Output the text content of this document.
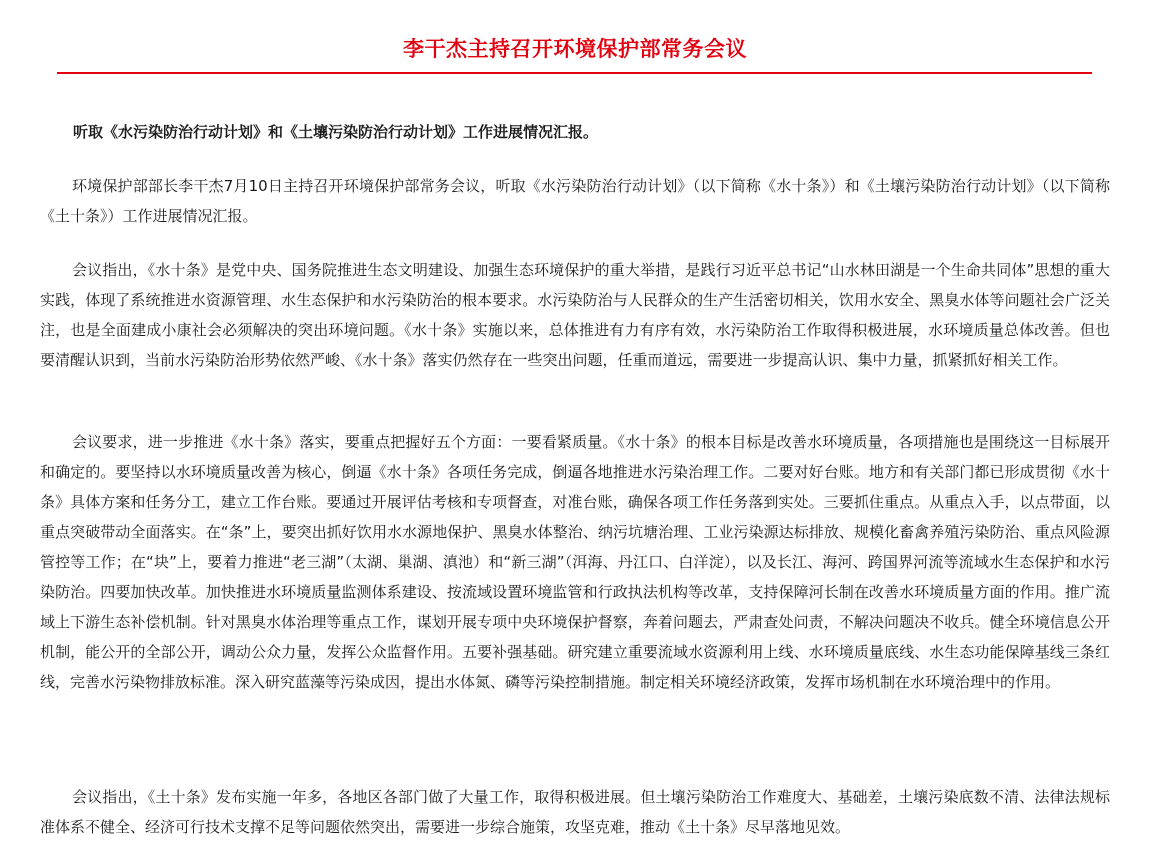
李干杰主持召开环境保护部常务会议
听取《水污染防治行动计划》和《土壤污染防治行动计划》工作进展情况汇报。

环境保护部部长李干杰7月10日主持召开环境保护部常务会议，听取《水污染防治行动计划》（以下简称《水十条》）和《土壤污染防治行动计划》（以下简称《土十条》）工作进展情况汇报。

会议指出，《水十条》是党中央、国务院推进生态文明建设、加强生态环境保护的重大举措，是践行习近平总书记“山水林田湖是一个生命共同体”思想的重大实践，体现了系统推进水资源管理、水生态保护和水污染防治的根本要求。水污染防治与人民群众的生产生活密切相关，饮用水安全、黑臭水体等问题社会广泛关注，也是全面建成小康社会必须解决的突出环境问题。《水十条》实施以来，总体推进有力有序有效，水污染防治工作取得积极进展，水环境质量总体改善。但也要清醒认识到，当前水污染防治形势依然严峻、《水十条》落实仍然存在一些突出问题，任重而道远，需要进一步提高认识、集中力量，抓紧抓好相关工作。

会议要求，进一步推进《水十条》落实，要重点把握好五个方面：一要看紧质量。《水十条》的根本目标是改善水环境质量，各项措施也是围绕这一目标展开和确定的。要坚持以水环境质量改善为核心，倒逼《水十条》各项任务完成，倒逼各地推进水污染治理工作。二要对好台账。地方和有关部门都已形成贯彻《水十条》具体方案和任务分工，建立工作台账。要通过开展评估考核和专项督查，对准台账，确保各项工作任务落到实处。三要抓住重点。从重点入手，以点带面，以重点突破带动全面落实。在“条”上，要突出抓好饮用水水源地保护、黑臭水体整治、纳污坑塘治理、工业污染源达标排放、规模化畜禽养殖污染防治、重点风险源管控等工作；在“块”上，要着力推进“老三湖”（太湖、巢湖、滇池）和“新三湖”（洱海、丹江口、白洋淀），以及长江、海河、跨国界河流等流域水生态保护和水污染防治。四要加快改革。加快推进水环境质量监测体系建设、按流域设置环境监管和行政执法机构等改革，支持保障河长制在改善水环境质量方面的作用。推广流域上下游生态补偿机制。针对黑臭水体治理等重点工作，谋划开展专项中央环境保护督察，奔着问题去，严肃查处问责，不解决问题决不收兵。健全环境信息公开机制，能公开的全部公开，调动公众力量，发挥公众监督作用。五要补强基础。研究建立重要流域水资源利用上线、水环境质量底线、水生态功能保障基线三条红线，完善水污染物排放标准。深入研究蓝藻等污染成因，提出水体氮、磷等污染控制措施。制定相关环境经济政策，发挥市场机制在水环境治理中的作用。

会议指出，《土十条》发布实施一年多，各地区各部门做了大量工作，取得积极进展。但土壤污染防治工作难度大、基础差，土壤污染底数不清、法律法规标准体系不健全、经济可行技术支撑不足等问题依然突出，需要进一步综合施策，攻坚克难，推动《土十条》尽早落地见效。
